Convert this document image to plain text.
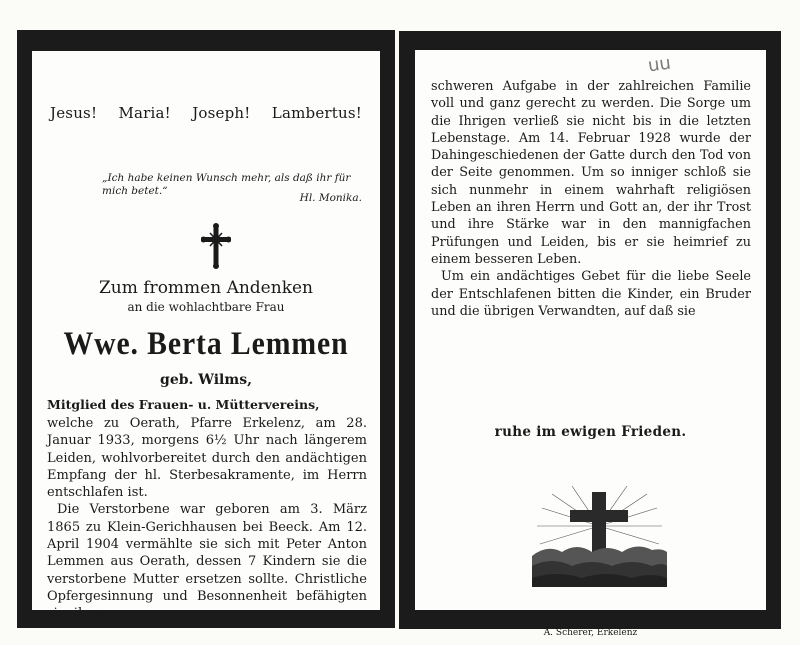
Jesus! Maria! Joseph! Lambertus!
„Ich habe keinen Wunsch mehr, als daß ihr für mich betet.“
Hl. Monika.
Zum frommen Andenken
an die wohlachtbare Frau
Wwe. Berta Lemmen
geb. Wilms,
Mitglied des Frauen- u. Müttervereins,

welche zu Oerath, Pfarre Erkelenz, am 28. Januar 1933, morgens 6½ Uhr nach längerem Leiden, wohlvorbereitet durch den andächtigen Empfang der hl. Sterbesakramente, im Herrn entschlafen ist.

Die Verstorbene war geboren am 3. März 1865 zu Klein-Gerichhausen bei Beeck. Am 12. April 1904 vermählte sie sich mit Peter Anton Lemmen aus Oerath, dessen 7 Kindern sie die verstorbene Mutter ersetzen sollte. Christliche Opfergesinnung und Besonnenheit befähigten sie, ihrer

schweren Aufgabe in der zahlreichen Familie voll und ganz gerecht zu werden. Die Sorge um die Ihrigen verließ sie nicht bis in die letzten Lebenstage. Am 14. Februar 1928 wurde der Dahingeschiedenen der Gatte durch den Tod von der Seite genommen. Um so inniger schloß sie sich nunmehr in einem wahrhaft religiösen Leben an ihren Herrn und Gott an, der ihr Trost und ihre Stärke war in den mannigfachen Prüfungen und Leiden, bis er sie heimrief zu einem besseren Leben.

Um ein andächtiges Gebet für die liebe Seele der Entschlafenen bitten die Kinder, ein Bruder und die übrigen Verwandten, auf daß sie

ruhe im ewigen Frieden.
A. Scherer, Erkelenz
uu
